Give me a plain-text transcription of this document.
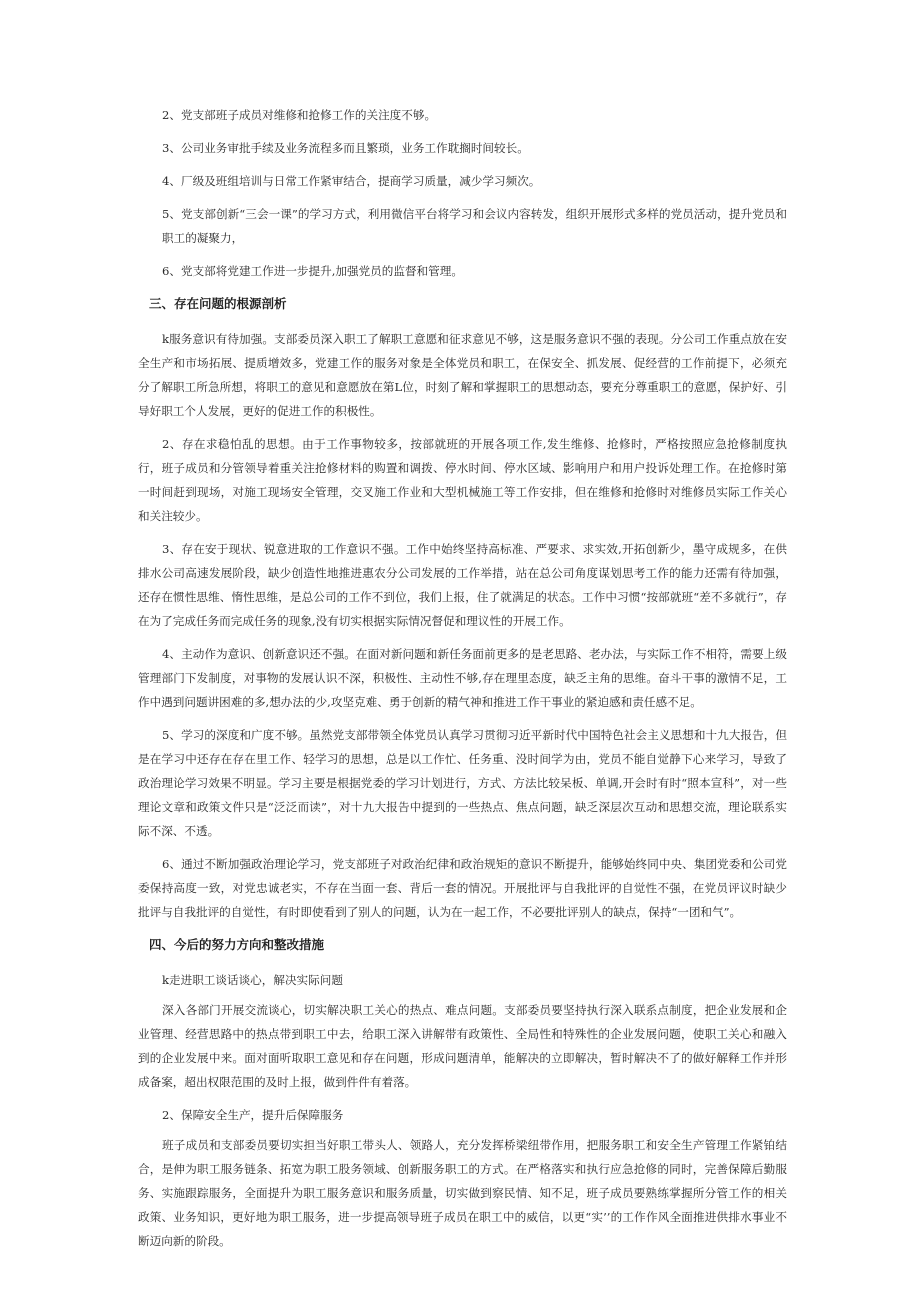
2、党支部班子成员对维修和抢修工作的关注度不够。

3、公司业务审批手续及业务流程多而且繁琐，业务工作耽搁时间较长。

4、厂级及班组培训与日常工作紧审结合，提商学习质量，减少学习频次。

5、党支部创新“三会一课”的学习方式，利用微信平台将学习和会议内容转发，组织开展形式多样的党员活动，提升党员和职工的凝聚力，

6、党支部将党建工作进一步提升,加强党员的监督和管理。

三、存在问题的根源剖析

k服务意识有待加强。支部委员深入职工了解职工意愿和征求意见不够，这是服务意识不强的表现。分公司工作重点放在安全生产和市场拓展、提质增效多，党建工作的服务对象是全体党员和职工，在保安全、抓发展、促经营的工作前提下，必须充分了解职工所急所想，将职工的意见和意愿放在第L位，时刻了解和掌握职工的思想动态，要充分尊重职工的意愿，保护好、引导好职工个人发展，更好的促进工作的积极性。

2、存在求稳怕乱的思想。由于工作事物较多，按部就班的开展各项工作,发生维修、抢修时，严格按照应急抢修制度执行，班子成员和分管领导着重关注抢修材料的购置和调拨、停水时间、停水区域、影响用户和用户投诉处理工作。在抢修时第一时间赶到现场，对施工现场安全管理，交叉施工作业和大型机械施工等工作安排，但在维修和抢修时对维修员实际工作关心和关注较少。

3、存在安于现状、锐意进取的工作意识不强。工作中始终坚持高标准、严要求、求实效,开拓创新少，墨守成规多，在供排水公司高速发展阶段，缺少创造性地推进惠农分公司发展的工作举措，站在总公司角度谋划思考工作的能力还需有待加强，还存在惯性思维、惰性思维，是总公司的工作不到位，我们上报，住了就满足的状态。工作中习惯“按部就班“差不多就行”，存在为了完成任务而完成任务的现象,没有切实根据实际情况督促和理议性的开展工作。

4、主动作为意识、创新意识还不强。在面对新问题和新任务面前更多的是老思路、老办法，与实际工作不相符，需要上级管理部门下发制度，对事物的发展认识不深，积极性、主动性不够,存在理里态度，缺乏主角的思维。奋斗干事的激情不足，工作中遇到问题讲困难的多,想办法的少,攻坚克难、勇于创新的精气神和推进工作干事业的紧迫感和责任感不足。

5、学习的深度和广度不够。虽然党支部带领全体党员认真学习贯彻习近平新时代中国特色社会主义思想和十九大报告，但是在学习中还存在存在里工作、轻学习的思想，总是以工作忙、任务重、没时间学为由，党员不能自觉静下心来学习，导致了政治理论学习效果不明显。学习主要是根据党委的学习计划进行，方式、方法比较呆板、单调,开会时有时“照本宣科”，对一些理论文章和政策文件只是“泛泛而读”，对十九大报告中提到的一些热点、焦点问题，缺乏深层次互动和思想交流，理论联系实际不深、不透。

6、通过不断加强政治理论学习，党支部班子对政治纪律和政治规矩的意识不断提升，能够始终同中央、集团党委和公司党委保持高度一致，对党忠诚老实，不存在当面一套、背后一套的情况。开展批评与自我批评的自觉性不强，在党员评议时缺少批评与自我批评的自觉性，有时即使看到了别人的问题，认为在一起工作，不必要批评别人的缺点，保持“一团和气”。

四、今后的努力方向和整改措施

k走进职工谈话谈心，解决实际问题

深入各部门开展交流谈心，切实解决职工关心的热点、难点问题。支部委员要坚持执行深入联系点制度，把企业发展和企业管理、经营思路中的热点带到职工中去，给职工深入讲解带有政策性、全局性和特殊性的企业发展问题，使职工关心和融入到的企业发展中来。面对面听取职工意见和存在问题，形成问题清单，能解决的立即解决，暂时解决不了的做好解释工作并形成备案，超出权限范围的及时上报，做到件件有着落。

2、保障安全生产，提升后保障服务

班子成员和支部委员要切实担当好职工带头人、领路人，充分发挥桥梁纽带作用，把服务职工和安全生产管理工作紧铂结合，是伸为职工服务链条、拓宽为职工股务领域、创新服务职工的方式。在严格落实和执行应急抢修的同时，完善保障后勤服务、实施跟踪服务，全面提升为职工服务意识和服务质量，切实做到察民情、知不足，班子成员要熟练掌握所分管工作的相关政策、业务知识，更好地为职工服务，进一步提高领导班子成员在职工中的威信，以更“实’’的工作作风全面推进供排水事业不断迈向新的阶段。
